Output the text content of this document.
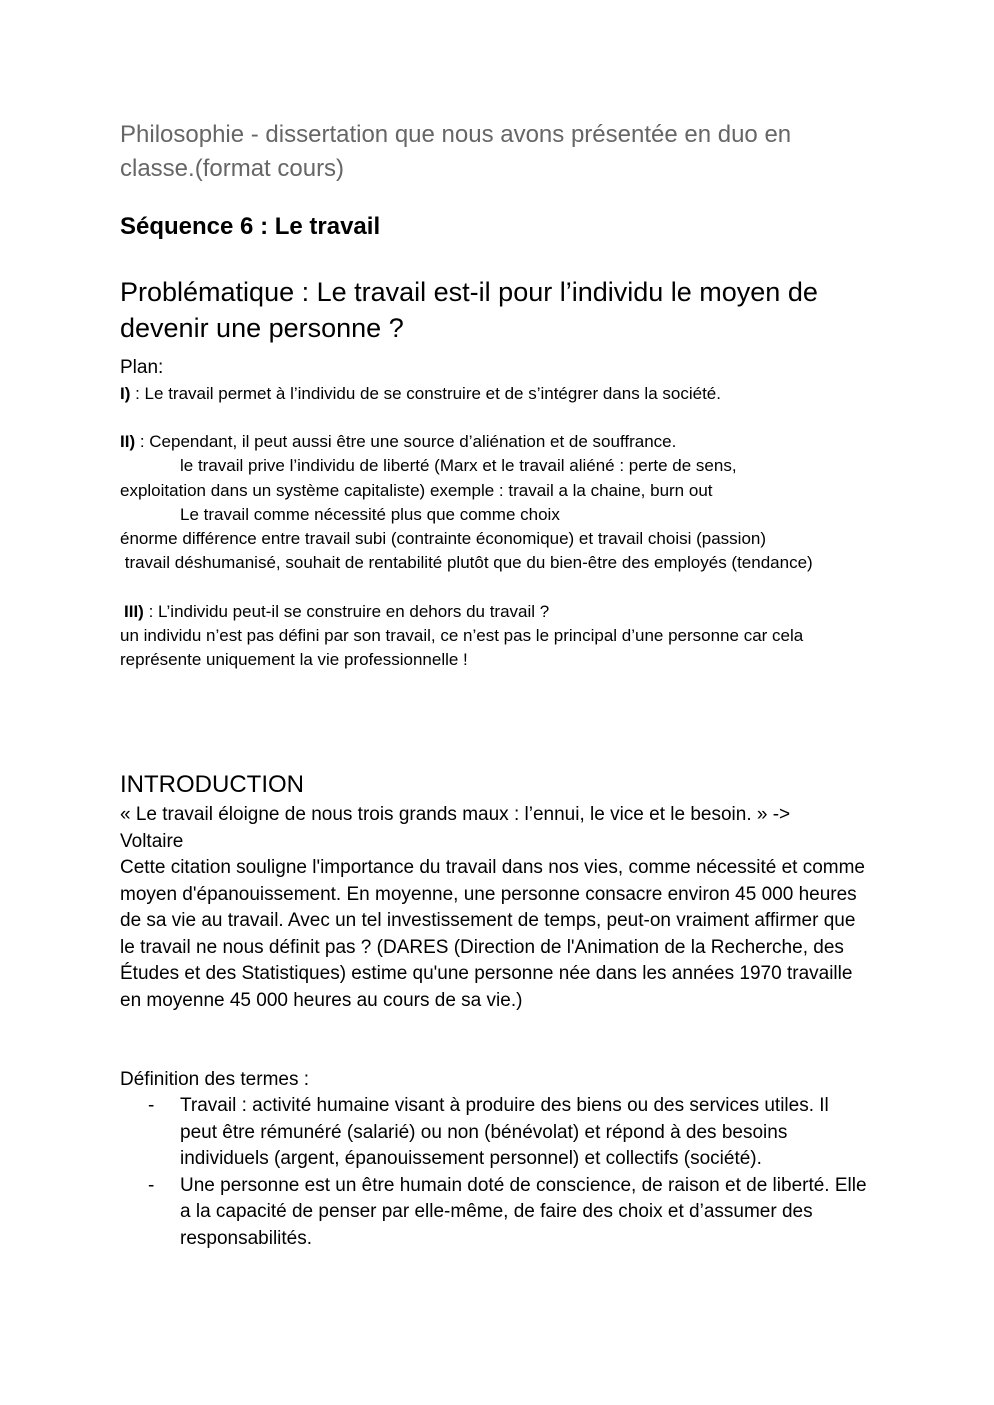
Philosophie - dissertation que nous avons présentée en duo en classe.(format cours)
Séquence 6 : Le travail
Problématique : Le travail est-il pour l’individu le moyen de devenir une personne ?
Plan:
I) : Le travail permet à l’individu de se construire et de s’intégrer dans la société.
II) : Cependant, il peut aussi être une source d’aliénation et de souffrance.
le travail prive l’individu de liberté (Marx et le travail aliéné : perte de sens,
exploitation dans un système capitaliste) exemple : travail a la chaine, burn out
Le travail comme nécessité plus que comme choix
énorme différence entre travail subi (contrainte économique) et travail choisi (passion)
travail déshumanisé, souhait de rentabilité plutôt que du bien-être des employés (tendance)
III) : L’individu peut-il se construire en dehors du travail ?
un individu n’est pas défini par son travail, ce n’est pas le principal d’une personne car cela
représente uniquement la vie professionnelle !
INTRODUCTION
« Le travail éloigne de nous trois grands maux : l’ennui, le vice et le besoin. » -> Voltaire
Cette citation souligne l'importance du travail dans nos vies, comme nécessité et comme moyen d'épanouissement. En moyenne, une personne consacre environ 45 000 heures de sa vie au travail. Avec un tel investissement de temps, peut-on vraiment affirmer que le travail ne nous définit pas ? (DARES (Direction de l'Animation de la Recherche, des Études et des Statistiques) estime qu'une personne née dans les années 1970 travaille en moyenne 45 000 heures au cours de sa vie.)
Définition des termes :
-	Travail : activité humaine visant à produire des biens ou des services utiles. Il peut être rémunéré (salarié) ou non (bénévolat) et répond à des besoins individuels (argent, épanouissement personnel) et collectifs (société).
-	Une personne est un être humain doté de conscience, de raison et de liberté. Elle a la capacité de penser par elle-même, de faire des choix et d’assumer des responsabilités.
